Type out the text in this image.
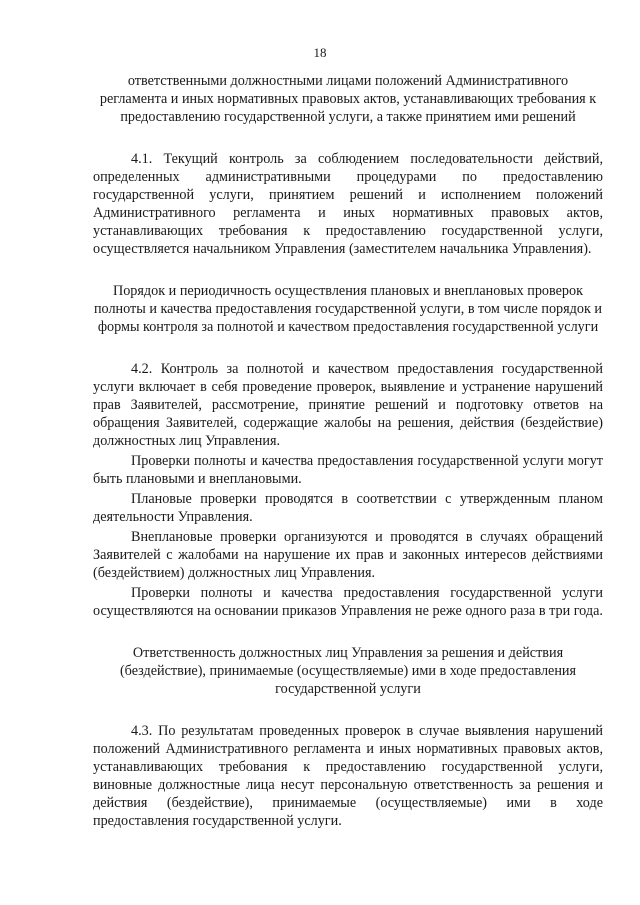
18

ответственными должностными лицами положений Административного регламента и иных нормативных правовых актов, устанавливающих требования к предоставлению государственной услуги, а также принятием ими решений

4.1. Текущий контроль за соблюдением последовательности действий, определенных административными процедурами по предоставлению государственной услуги, принятием решений и исполнением положений Административного регламента и иных нормативных правовых актов, устанавливающих требования к предоставлению государственной услуги, осуществляется начальником Управления (заместителем начальника Управления).

Порядок и периодичность осуществления плановых и внеплановых проверок полноты и качества предоставления государственной услуги, в том числе порядок и формы контроля за полнотой и качеством предоставления государственной услуги

4.2. Контроль за полнотой и качеством предоставления государственной услуги включает в себя проведение проверок, выявление и устранение нарушений прав Заявителей, рассмотрение, принятие решений и подготовку ответов на обращения Заявителей, содержащие жалобы на решения, действия (бездействие) должностных лиц Управления.

Проверки полноты и качества предоставления государственной услуги могут быть плановыми и внеплановыми.

Плановые проверки проводятся в соответствии с утвержденным планом деятельности Управления.

Внеплановые проверки организуются и проводятся в случаях обращений Заявителей с жалобами на нарушение их прав и законных интересов действиями (бездействием) должностных лиц Управления.

Проверки полноты и качества предоставления государственной услуги осуществляются на основании приказов Управления не реже одного раза в три года.

Ответственность должностных лиц Управления за решения и действия (бездействие), принимаемые (осуществляемые) ими в ходе предоставления государственной услуги

4.3. По результатам проведенных проверок в случае выявления нарушений положений Административного регламента и иных нормативных правовых актов, устанавливающих требования к предоставлению государственной услуги, виновные должностные лица несут персональную ответственность за решения и действия (бездействие), принимаемые (осуществляемые) ими в ходе предоставления государственной услуги.
